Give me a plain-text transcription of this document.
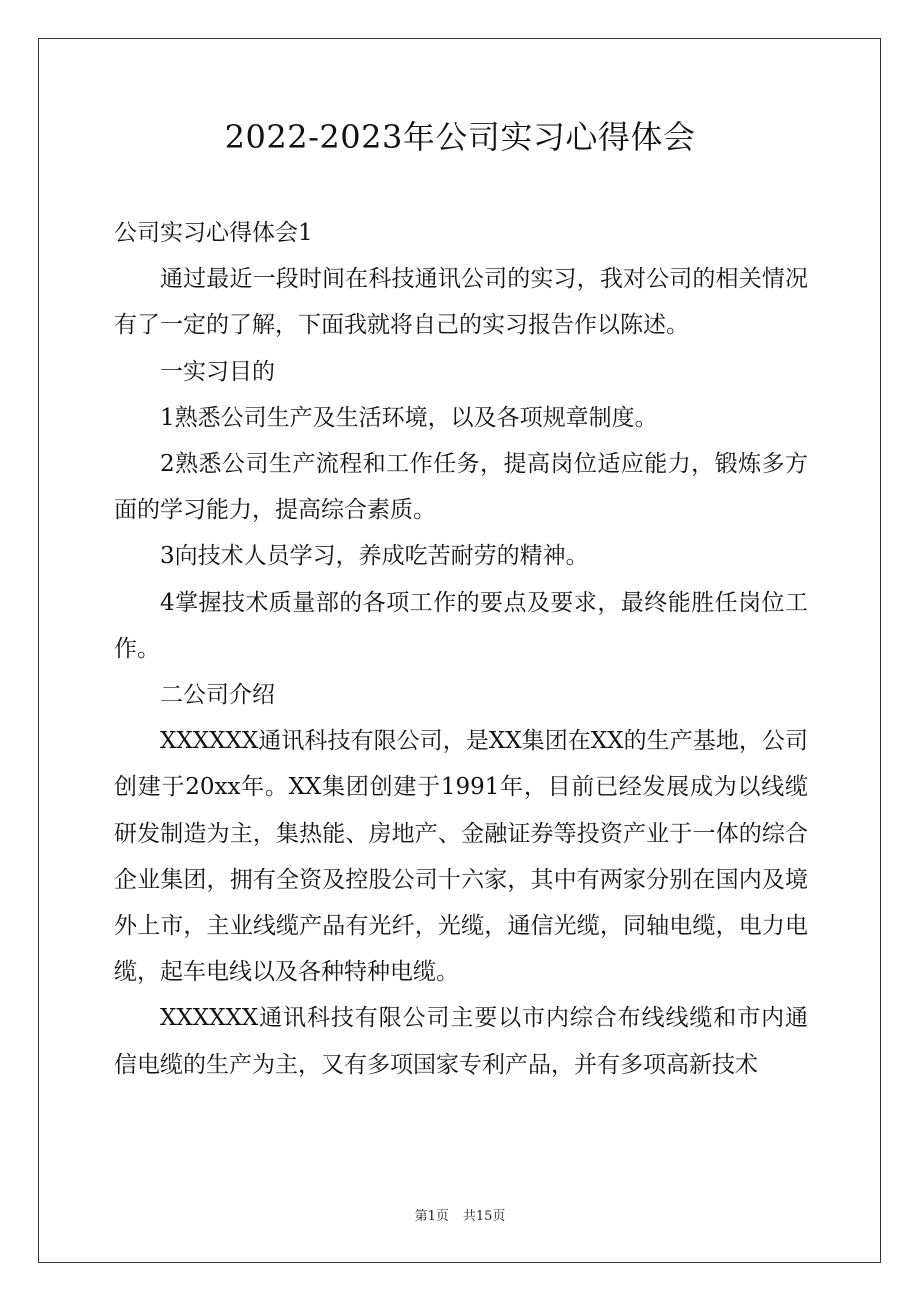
2022-2023年公司实习心得体会

公司实习心得体会1

通过最近一段时间在科技通讯公司的实习，我对公司的相关情况有了一定的了解，下面我就将自己的实习报告作以陈述。

一实习目的

1熟悉公司生产及生活环境，以及各项规章制度。

2熟悉公司生产流程和工作任务，提高岗位适应能力，锻炼多方面的学习能力，提高综合素质。

3向技术人员学习，养成吃苦耐劳的精神。

4掌握技术质量部的各项工作的要点及要求，最终能胜任岗位工作。

二公司介绍

XXXXXX通讯科技有限公司，是XX集团在XX的生产基地，公司创建于20xx年。XX集团创建于1991年，目前已经发展成为以线缆研发制造为主，集热能、房地产、金融证券等投资产业于一体的综合企业集团，拥有全资及控股公司十六家，其中有两家分别在国内及境外上市，主业线缆产品有光纤，光缆，通信光缆，同轴电缆，电力电缆，起车电线以及各种特种电缆。

XXXXXX通讯科技有限公司主要以市内综合布线线缆和市内通信电缆的生产为主，又有多项国家专利产品，并有多项高新技术

第1页 共15页
